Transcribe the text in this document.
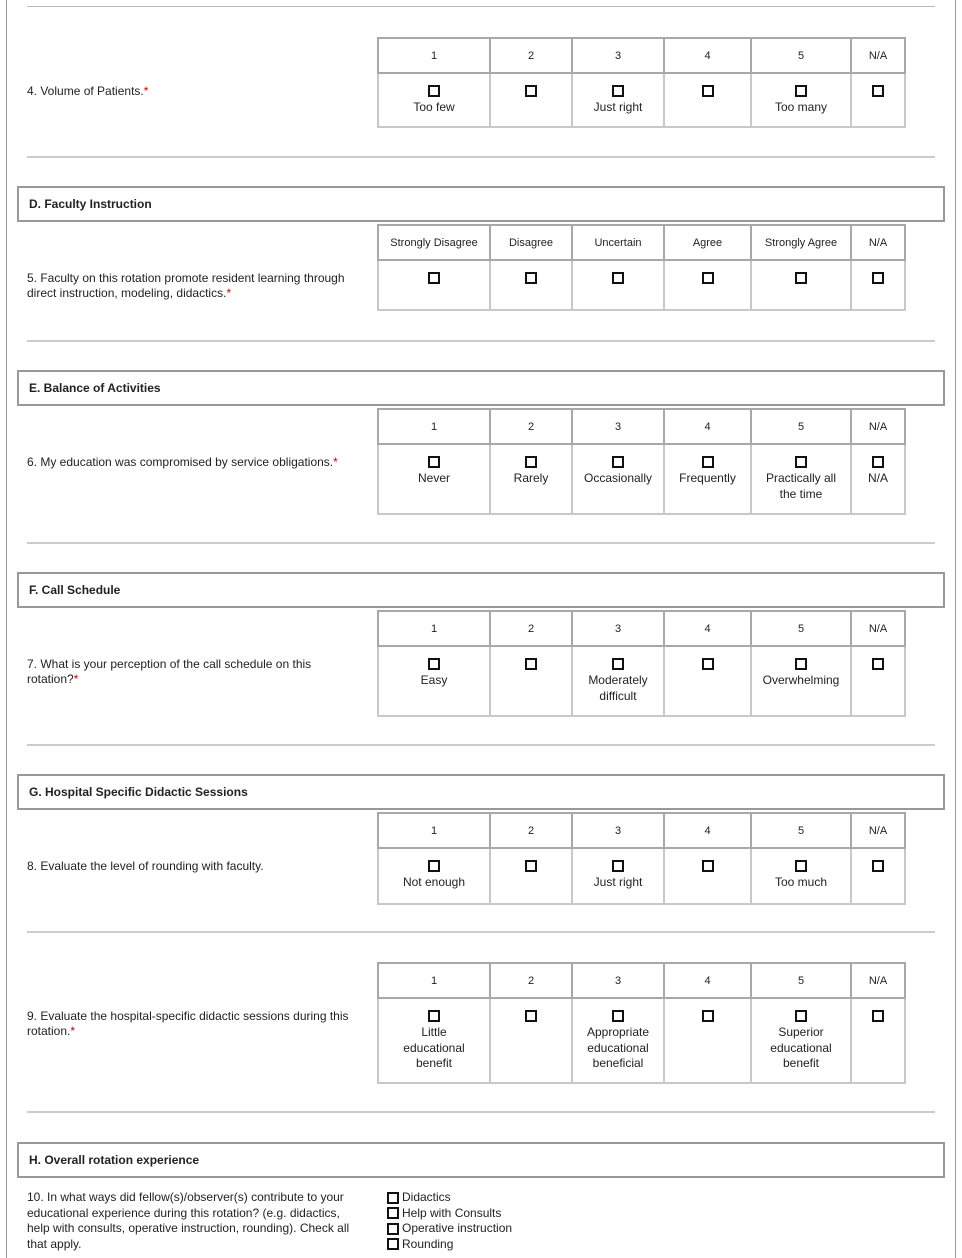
4. Volume of Patients.*
1	2	3	4	5	N/A

Too few		Just right		Too many	

D. Faculty Instruction
5. Faculty on this rotation promote resident learning through
direct instruction, modeling, didactics.*
Strongly Disagree	Disagree	Uncertain	Agree	Strongly Agree	N/A

E. Balance of Activities
6. My education was compromised by service obligations.*
1	2	3	4	5	N/A

Never	Rarely	Occasionally	Frequently	Practically all the time	N/A
F. Call Schedule
7. What is your perception of the call schedule on this
rotation?*
1	2	3	4	5	N/A

Easy		Moderately difficult		Overwhelming	

G. Hospital Specific Didactic Sessions
8. Evaluate the level of rounding with faculty.
1	2	3	4	5	N/A

Not enough		Just right		Too much	

9. Evaluate the hospital-specific didactic sessions during this
rotation.*
1	2	3	4	5	N/A

Little educational benefit		Appropriate educational beneficial		Superior educational benefit	

H. Overall rotation experience
10. In what ways did fellow(s)/observer(s) contribute to your
educational experience during this rotation? (e.g. didactics,
help with consults, operative instruction, rounding). Check all
that apply.
Didactics
Help with Consults
Operative instruction
Rounding
